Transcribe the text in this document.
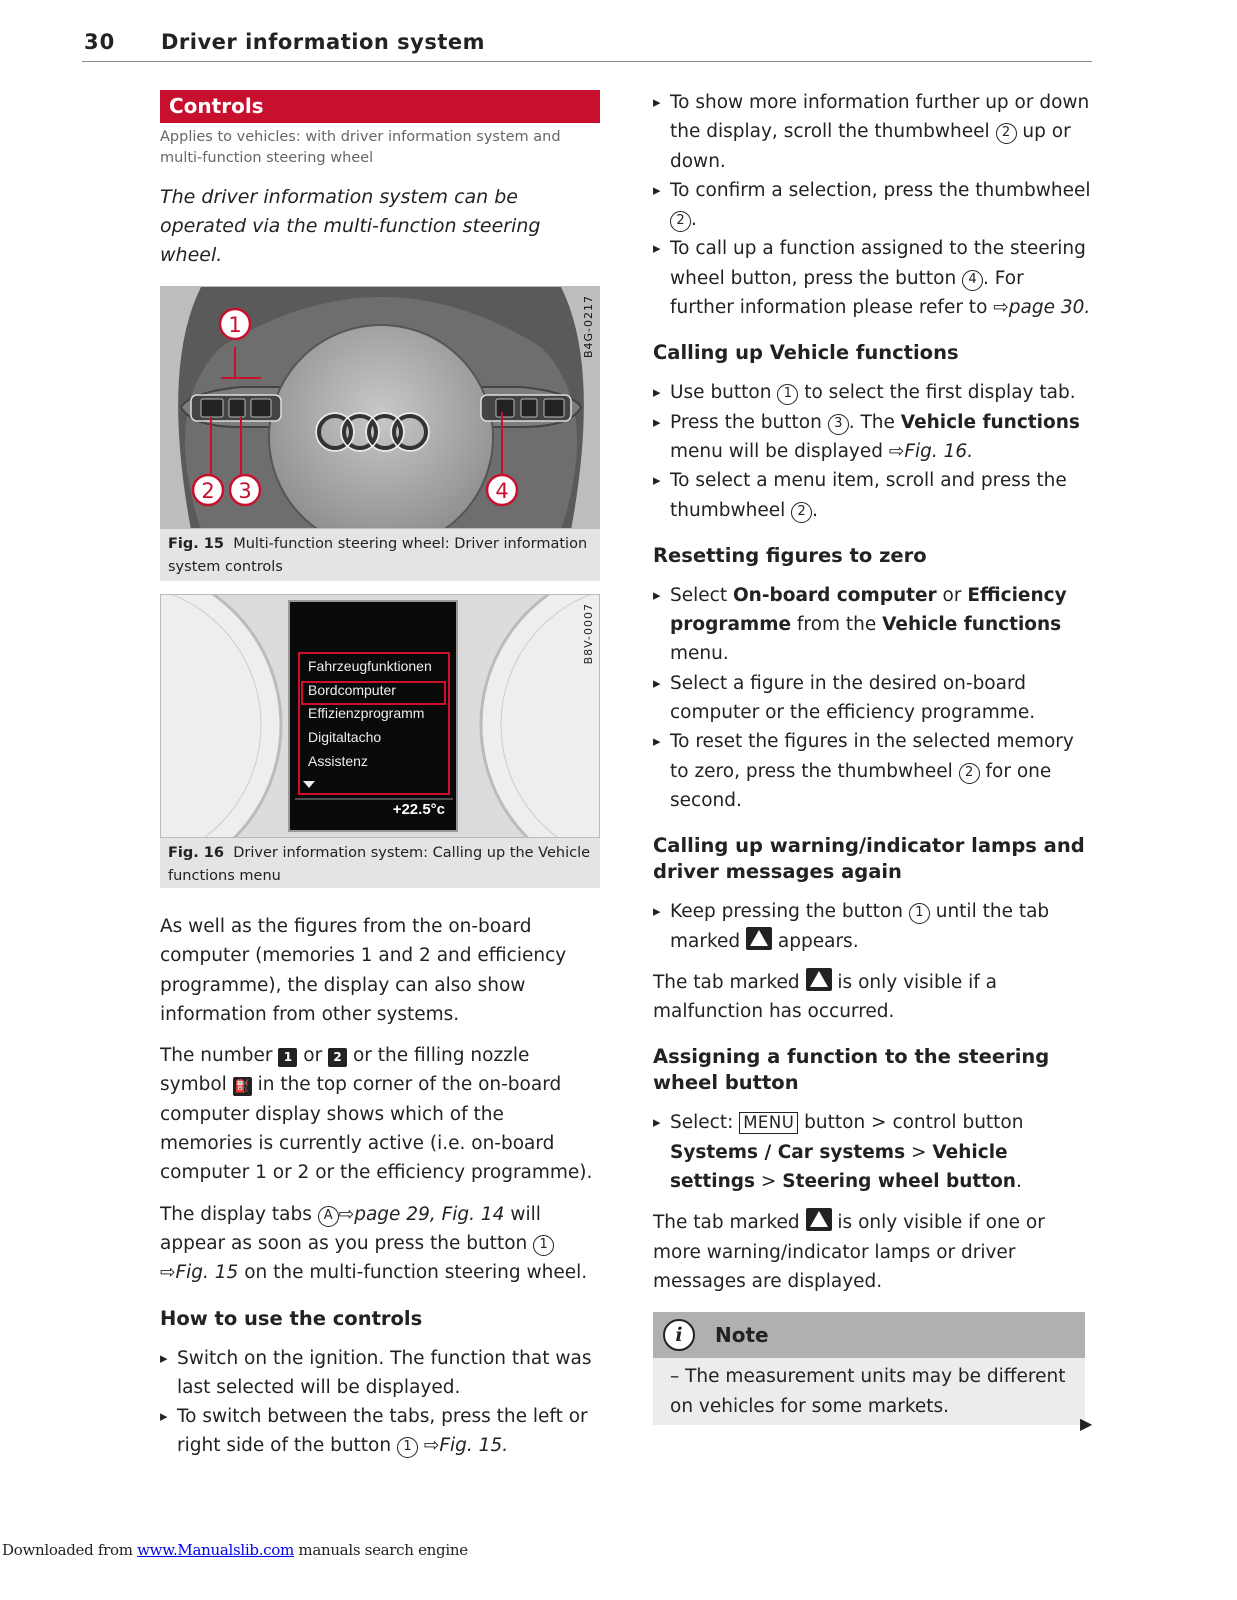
30 Driver information system
Controls
Applies to vehicles: with driver information system and multi-function steering wheel
The driver information system can be operated via the multi-function steering wheel.
1
2 3	4
B4G-0217
Fig. 15 Multi-function steering wheel: Driver information system controls
Fahrzeugfunktionen
Bordcomputer
Effizienzprogramm
Digitaltacho
Assistenz
+22.5°c
B8V-0007
Fig. 16 Driver information system: Calling up the Vehicle functions menu
As well as the figures from the on-board computer (memories 1 and 2 and efficiency programme), the display can also show information from other systems.
The number 1 or 2 or the filling nozzle symbol ⛽ in the top corner of the on-board computer display shows which of the memories is currently active (i.e. on-board computer 1 or 2 or the efficiency programme).
The display tabs A ⇨page 29, Fig. 14 will appear as soon as you press the button 1 ⇨Fig. 15 on the multi-function steering wheel.
How to use the controls
▸ Switch on the ignition. The function that was last selected will be displayed.
▸ To switch between the tabs, press the left or right side of the button 1 ⇨Fig. 15.
▸ To show more information further up or down the display, scroll the thumbwheel 2 up or down.
▸ To confirm a selection, press the thumbwheel 2 .
▸ To call up a function assigned to the steering wheel button, press the button 4 . For further information please refer to ⇨page 30.
Calling up Vehicle functions
▸ Use button 1 to select the first display tab.
▸ Press the button 3 . The Vehicle functions menu will be displayed ⇨Fig. 16.
▸ To select a menu item, scroll and press the thumbwheel 2 .
Resetting figures to zero
▸ Select On-board computer or Efficiency programme from the Vehicle functions menu.
▸ Select a figure in the desired on-board computer or the efficiency programme.
▸ To reset the figures in the selected memory to zero, press the thumbwheel 2 for one second.
Calling up warning/indicator lamps and driver messages again
▸ Keep pressing the button 1 until the tab marked  appears.
The tab marked  is only visible if a malfunction has occurred.
Assigning a function to the steering wheel button
▸ Select: MENU button > control button Systems / Car systems > Vehicle settings > Steering wheel button.
The tab marked  is only visible if one or more warning/indicator lamps or driver messages are displayed.
i	Note
– The measurement units may be different on vehicles for some markets.
▶
Downloaded from www.Manualslib.com manuals search engine
